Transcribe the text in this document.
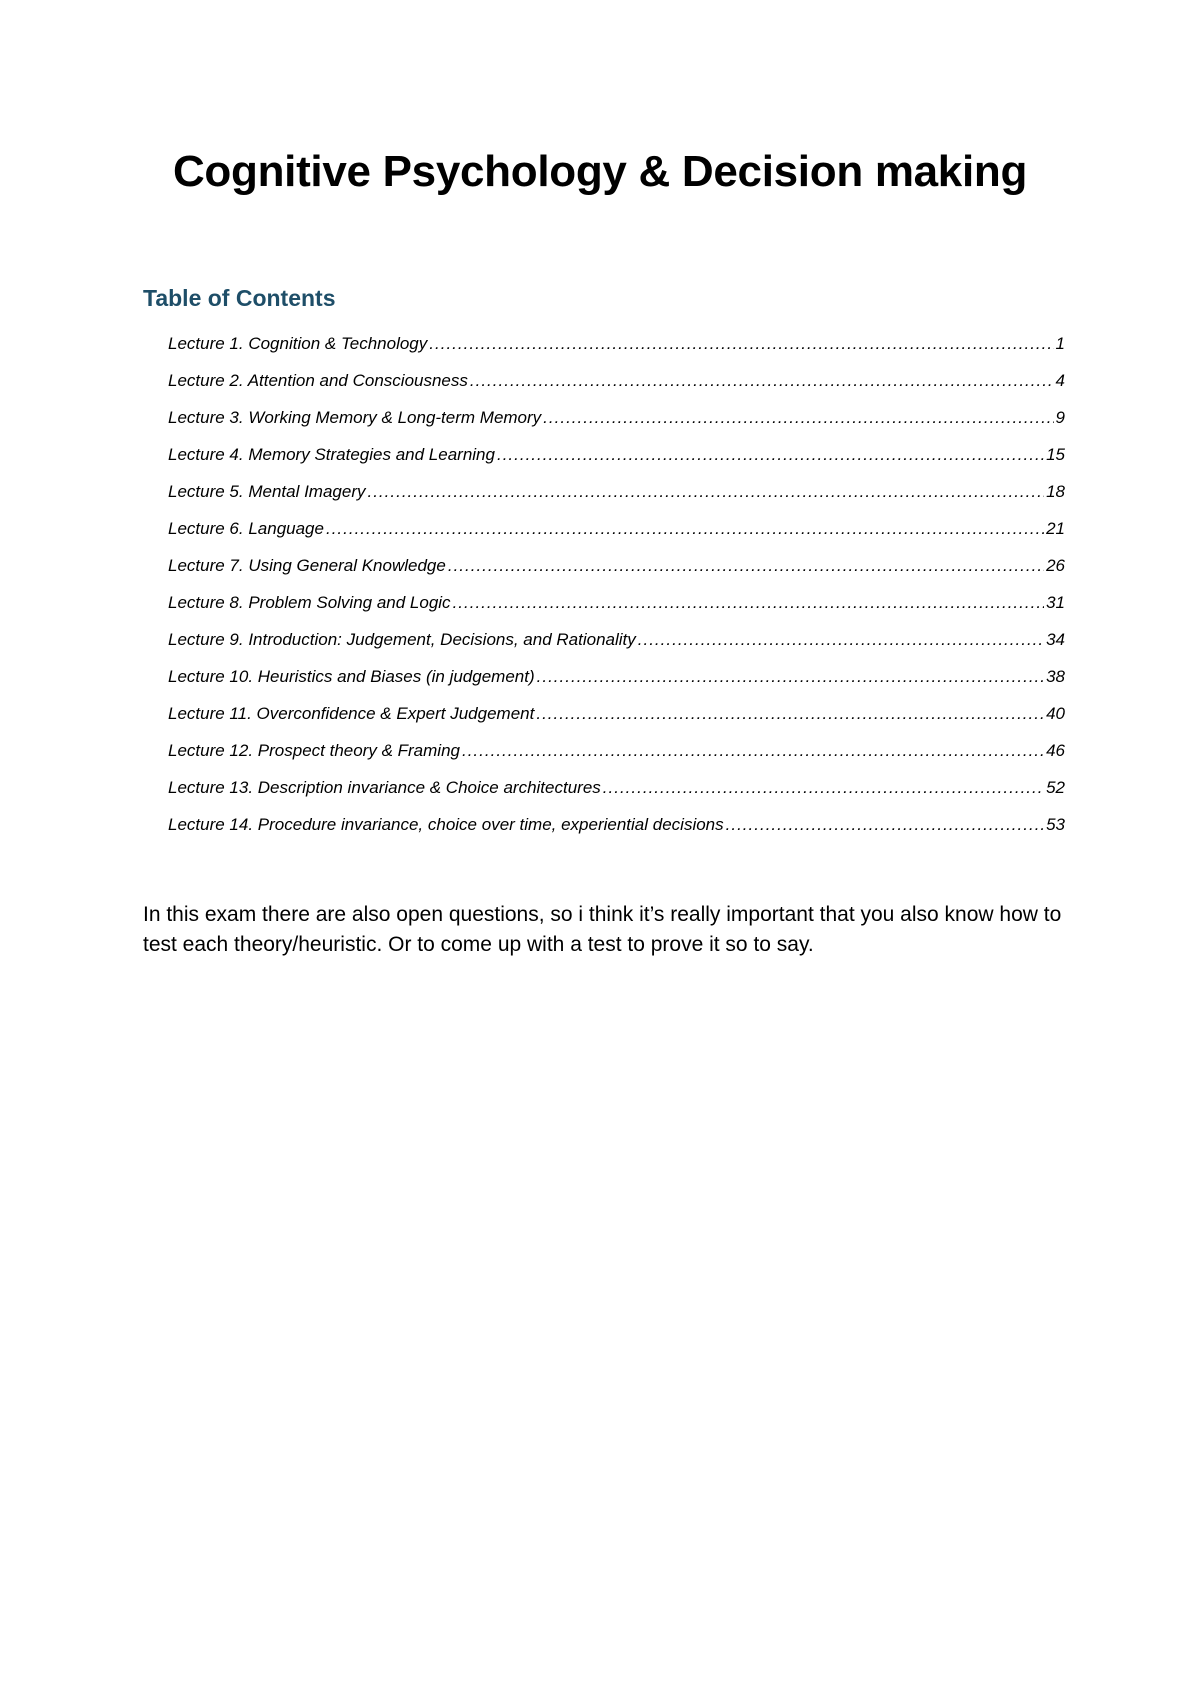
Cognitive Psychology & Decision making
Table of Contents
Lecture 1. Cognition & Technology .....	1
Lecture 2. Attention and Consciousness .....	4
Lecture 3. Working Memory & Long-term Memory .....	9
Lecture 4. Memory Strategies and Learning .....	15
Lecture 5. Mental Imagery .....	18
Lecture 6. Language .....	21
Lecture 7. Using General Knowledge .....	26
Lecture 8. Problem Solving and Logic .....	31
Lecture 9. Introduction: Judgement, Decisions, and Rationality .....	34
Lecture 10. Heuristics and Biases (in judgement) .....	38
Lecture 11. Overconfidence & Expert Judgement .....	40
Lecture 12. Prospect theory & Framing .....	46
Lecture 13. Description invariance & Choice architectures .....	52
Lecture 14. Procedure invariance, choice over time, experiential decisions .....	53

In this exam there are also open questions, so i think it’s really important that you also know how to test each theory/heuristic. Or to come up with a test to prove it so to say.
